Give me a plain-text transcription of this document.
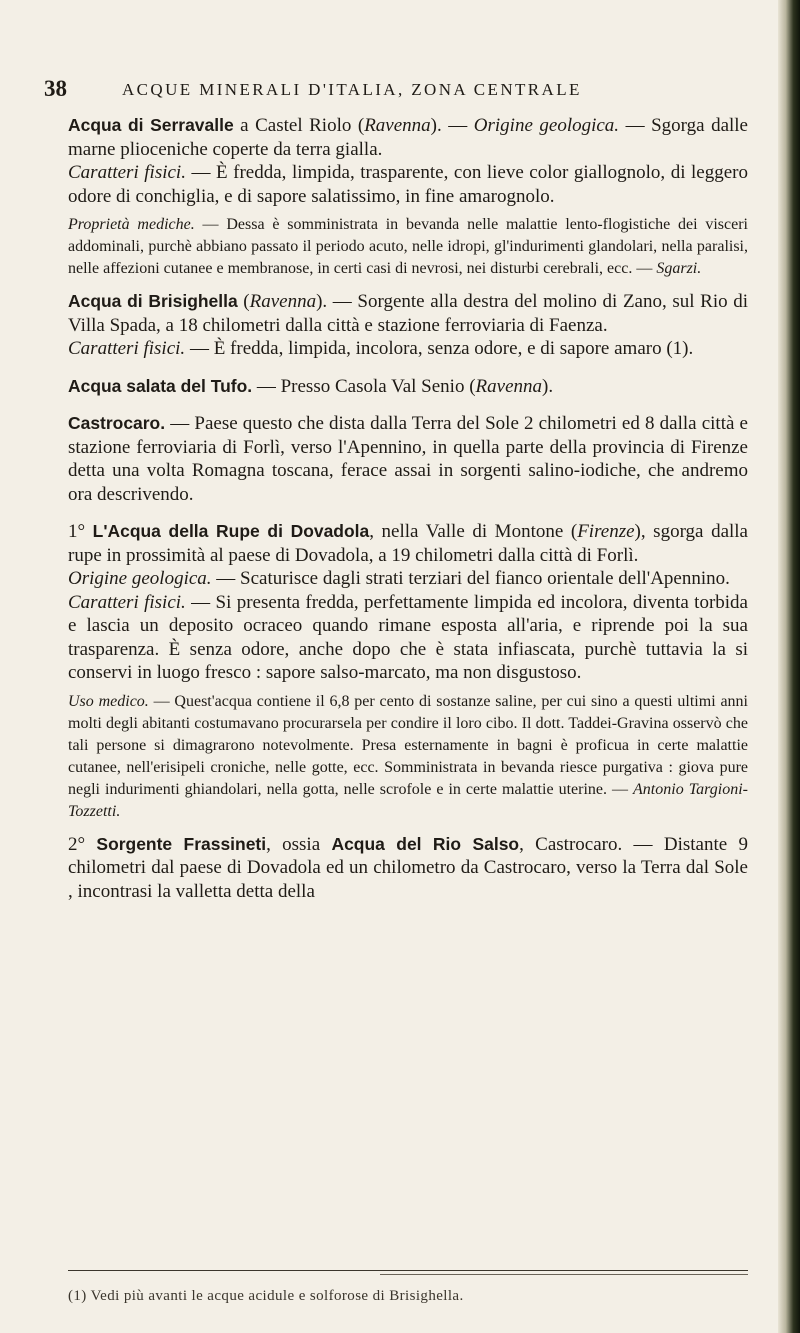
38	ACQUE MINERALI D'ITALIA, ZONA CENTRALE

Acqua di Serravalle a Castel Riolo (Ravenna). — Origine geologica. — Sgorga dalle marne plioceniche coperte da terra gialla.

Caratteri fisici. — È fredda, limpida, trasparente, con lieve color giallognolo, di leggero odore di conchiglia, e di sapore salatissimo, in fine amarognolo.

Proprietà mediche. — Dessa è somministrata in bevanda nelle malattie lento-flogistiche dei visceri addominali, purchè abbiano passato il periodo acuto, nelle idropi, gl'indurimenti glandolari, nella paralisi, nelle affezioni cutanee e membranose, in certi casi di nevrosi, nei disturbi cerebrali, ecc. — Sgarzi.

Acqua di Brisighella (Ravenna). — Sorgente alla destra del molino di Zano, sul Rio di Villa Spada, a 18 chilometri dalla città e stazione ferroviaria di Faenza.

Caratteri fisici. — È fredda, limpida, incolora, senza odore, e di sapore amaro (1).

Acqua salata del Tufo. — Presso Casola Val Senio (Ravenna).

Castrocaro. — Paese questo che dista dalla Terra del Sole 2 chilometri ed 8 dalla città e stazione ferroviaria di Forlì, verso l'Apennino, in quella parte della provincia di Firenze detta una volta Romagna toscana, ferace assai in sorgenti salino-iodiche, che andremo ora descrivendo.

1° L'Acqua della Rupe di Dovadola, nella Valle di Montone (Firenze), sgorga dalla rupe in prossimità al paese di Dovadola, a 19 chilometri dalla città di Forlì.

Origine geologica. — Scaturisce dagli strati terziari del fianco orientale dell'Apennino.

Caratteri fisici. — Si presenta fredda, perfettamente limpida ed incolora, diventa torbida e lascia un deposito ocraceo quando rimane esposta all'aria, e riprende poi la sua trasparenza. È senza odore, anche dopo che è stata infiascata, purchè tuttavia la si conservi in luogo fresco : sapore salso-marcato, ma non disgustoso.

Uso medico. — Quest'acqua contiene il 6,8 per cento di sostanze saline, per cui sino a questi ultimi anni molti degli abitanti costumavano procurarsela per condire il loro cibo. Il dott. Taddei-Gravina osservò che tali persone si dimagrarono notevolmente. Presa esternamente in bagni è proficua in certe malattie cutanee, nell'erisipeli croniche, nelle gotte, ecc. Somministrata in bevanda riesce purgativa : giova pure negli indurimenti ghiandolari, nella gotta, nelle scrofole e in certe malattie uterine. — Antonio Targioni-Tozzetti.

2° Sorgente Frassineti, ossia Acqua del Rio Salso, Castrocaro. — Distante 9 chilometri dal paese di Dovadola ed un chilometro da Castrocaro, verso la Terra dal Sole , incontrasi la valletta detta della

(1) Vedi più avanti le acque acidule e solforose di Brisighella.
